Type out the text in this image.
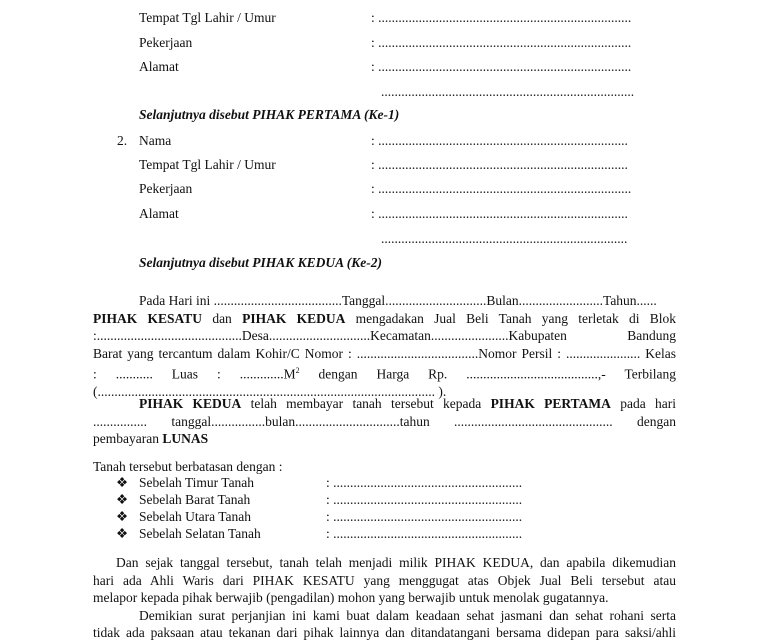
Tempat Tgl Lahir / Umur	: ...........................................................................
Pekerjaan	: ...........................................................................
Alamat	: ...........................................................................
...........................................................................
Selanjutnya disebut PIHAK PERTAMA (Ke-1)
2. Nama	: ..........................................................................
Tempat Tgl Lahir / Umur	: ..........................................................................
Pekerjaan	: ...........................................................................
Alamat	: ..........................................................................
.........................................................................
Selanjutnya disebut PIHAK KEDUA (Ke-2)

Pada Hari ini ......................................Tanggal..............................Bulan.........................Tahun......

PIHAK KESATU dan PIHAK KEDUA mengadakan Jual Beli Tanah yang terletak di Blok

:...........................................Desa..............................Kecamatan.......................Kabupaten Bandung

Barat yang tercantum dalam Kohir/C Nomor : ....................................Nomor Persil : ...................... Kelas

: ........... Luas : $.............M^2$ dengan Harga Rp. .......................................,- Terbilang

(.................................................................................................... ).

PIHAK KEDUA telah membayar tanah tersebut kepada PIHAK PERTAMA pada hari

................ tanggal................bulan...............................tahun ............................................... dengan

pembayaran LUNAS

Tanah tersebut berbatasan dengan :
❖ Sebelah Timur Tanah	: ........................................................
❖ Sebelah Barat Tanah	: ........................................................
❖ Sebelah Utara Tanah	: ........................................................
❖ Sebelah Selatan Tanah	: ........................................................

Dan sejak tanggal tersebut, tanah telah menjadi milik PIHAK KEDUA, dan apabila dikemudian

hari ada Ahli Waris dari PIHAK KESATU yang menggugat atas Objek Jual Beli tersebut atau

melapor kepada pihak berwajib (pengadilan) mohon yang berwajib untuk menolak gugatannya.

Demikian surat perjanjian ini kami buat dalam keadaan sehat jasmani dan sehat rohani serta

tidak ada paksaan atau tekanan dari pihak lainnya dan ditandatangani bersama didepan para saksi/ahli
